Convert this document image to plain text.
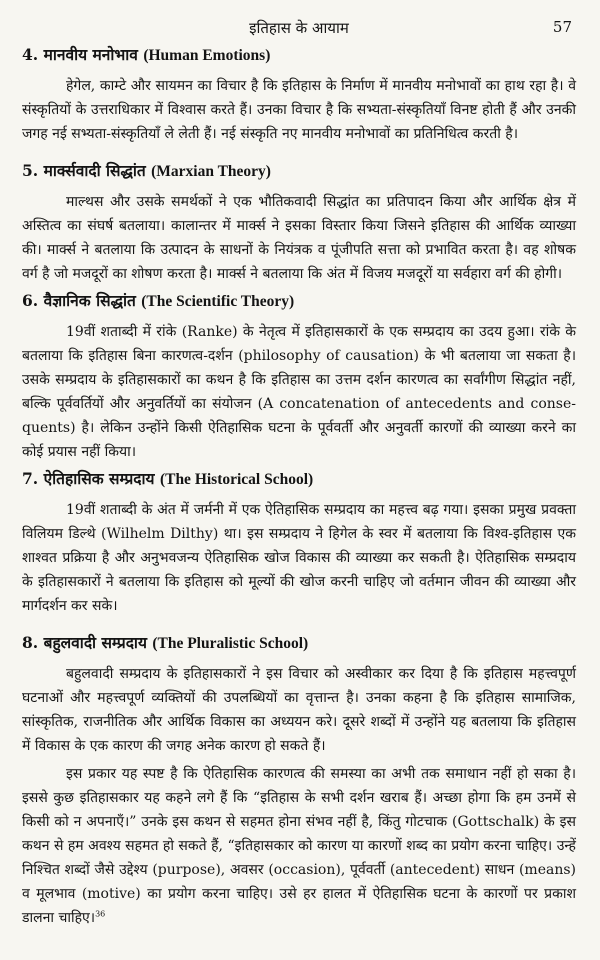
इतिहास के आयाम	57
4. मानवीय मनोभाव (Human Emotions)

हेगेल, काम्टे और सायमन का विचार है कि इतिहास के निर्माण में मानवीय मनोभावों का हाथ रहा है। वे संस्कृतियों के उत्तराधिकार में विश्वास करते हैं। उनका विचार है कि सभ्यता-संस्कृतियाँ विनष्ट होती हैं और उनकी जगह नई सभ्यता-संस्कृतियाँ ले लेती हैं। नई संस्कृति नए मानवीय मनोभावों का प्रतिनिधित्व करती है।

5. मार्क्सवादी सिद्धांत (Marxian Theory)

माल्थस और उसके समर्थकों ने एक भौतिकवादी सिद्धांत का प्रतिपादन किया और आर्थिक क्षेत्र में अस्तित्व का संघर्ष बतलाया। कालान्तर में मार्क्स ने इसका विस्तार किया जिसने इतिहास की आर्थिक व्याख्या की। मार्क्स ने बतलाया कि उत्पादन के साधनों के नियंत्रक व पूंजीपति सत्ता को प्रभावित करता है। वह शोषक वर्ग है जो मजदूरों का शोषण करता है। मार्क्स ने बतलाया कि अंत में विजय मजदूरों या सर्वहारा वर्ग की होगी।

6. वैज्ञानिक सिद्धांत (The Scientific Theory)

19वीं शताब्दी में रांके (Ranke) के नेतृत्व में इतिहासकारों के एक सम्प्रदाय का उदय हुआ। रांके के बतलाया कि इतिहास बिना कारणत्व-दर्शन (philosophy of causation) के भी बतलाया जा सकता है। उसके सम्प्रदाय के इतिहासकारों का कथन है कि इतिहास का उत्तम दर्शन कारणत्व का सर्वांगीण सिद्धांत नहीं, बल्कि पूर्ववर्तियों और अनुवर्तियों का संयोजन (A concatenation of antecedents and conse-quents) है। लेकिन उन्होंने किसी ऐतिहासिक घटना के पूर्ववर्ती और अनुवर्ती कारणों की व्याख्या करने का कोई प्रयास नहीं किया।

7. ऐतिहासिक सम्प्रदाय (The Historical School)

19वीं शताब्दी के अंत में जर्मनी में एक ऐतिहासिक सम्प्रदाय का महत्त्व बढ़ गया। इसका प्रमुख प्रवक्ता विलियम डिल्थे (Wilhelm Dilthy) था। इस सम्प्रदाय ने हिगेल के स्वर में बतलाया कि विश्व-इतिहास एक शाश्वत प्रक्रिया है और अनुभवजन्य ऐतिहासिक खोज विकास की व्याख्या कर सकती है। ऐतिहासिक सम्प्रदाय के इतिहासकारों ने बतलाया कि इतिहास को मूल्यों की खोज करनी चाहिए जो वर्तमान जीवन की व्याख्या और मार्गदर्शन कर सके।

8. बहुलवादी सम्प्रदाय (The Pluralistic School)

बहुलवादी सम्प्रदाय के इतिहासकारों ने इस विचार को अस्वीकार कर दिया है कि इतिहास महत्त्वपूर्ण घटनाओं और महत्त्वपूर्ण व्यक्तियों की उपलब्धियों का वृत्तान्त है। उनका कहना है कि इतिहास सामाजिक, सांस्कृतिक, राजनीतिक और आर्थिक विकास का अध्ययन करे। दूसरे शब्दों में उन्होंने यह बतलाया कि इतिहास में विकास के एक कारण की जगह अनेक कारण हो सकते हैं।

इस प्रकार यह स्पष्ट है कि ऐतिहासिक कारणत्व की समस्या का अभी तक समाधान नहीं हो सका है। इससे कुछ इतिहासकार यह कहने लगे हैं कि “इतिहास के सभी दर्शन खराब हैं। अच्छा होगा कि हम उनमें से किसी को न अपनाएँ।” उनके इस कथन से सहमत होना संभव नहीं है, किंतु गोटचाक (Gottschalk) के इस कथन से हम अवश्य सहमत हो सकते हैं, “इतिहासकार को कारण या कारणों शब्द का प्रयोग करना चाहिए। उन्हें निश्चित शब्दों जैसे उद्देश्य (purpose), अवसर (occasion), पूर्ववर्ती (antecedent) साधन (means) व मूलभाव (motive) का प्रयोग करना चाहिए। उसे हर हालत में ऐतिहासिक घटना के कारणों पर प्रकाश डालना चाहिए।$^{36}$
